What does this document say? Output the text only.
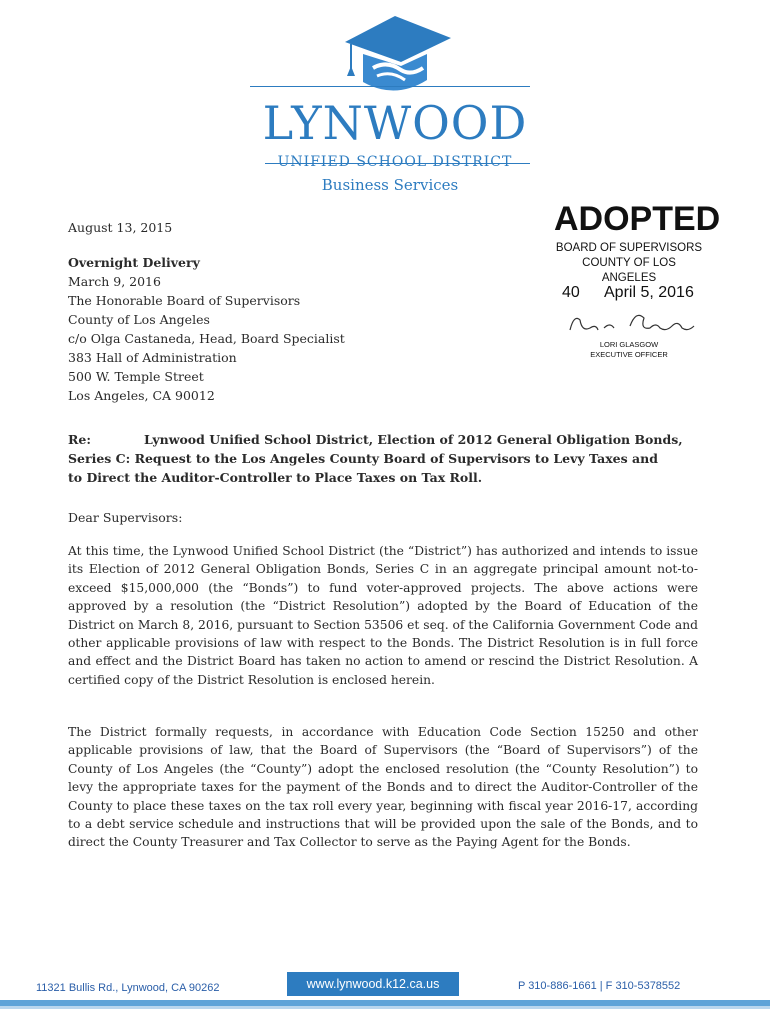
LYNWOOD
UNIFIED SCHOOL DISTRICT
Business Services
ADOPTED
BOARD OF SUPERVISORS
COUNTY OF LOS ANGELES
40 April 5, 2016
LORI GLASGOW
EXECUTIVE OFFICER
August 13, 2015
Overnight Delivery
March 9, 2016
The Honorable Board of Supervisors
County of Los Angeles
c/o Olga Castaneda, Head, Board Specialist
383 Hall of Administration
500 W. Temple Street
Los Angeles, CA 90012
Re:	Lynwood Unified School District, Election of 2012 General Obligation Bonds,
Series C: Request to the Los Angeles County Board of Supervisors to Levy Taxes and
to Direct the Auditor-Controller to Place Taxes on Tax Roll.
Dear Supervisors:
At this time, the Lynwood Unified School District (the “District”) has authorized and intends to issue its Election of 2012 General Obligation Bonds, Series C in an aggregate principal amount not-to-exceed $15,000,000 (the “Bonds”) to fund voter-approved projects. The above actions were approved by a resolution (the “District Resolution”) adopted by the Board of Education of the District on March 8, 2016, pursuant to Section 53506 et seq. of the California Government Code and other applicable provisions of law with respect to the Bonds. The District Resolution is in full force and effect and the District Board has taken no action to amend or rescind the District Resolution. A certified copy of the District Resolution is enclosed herein.
The District formally requests, in accordance with Education Code Section 15250 and other applicable provisions of law, that the Board of Supervisors (the “Board of Supervisors”) of the County of Los Angeles (the “County”) adopt the enclosed resolution (the “County Resolution”) to levy the appropriate taxes for the payment of the Bonds and to direct the Auditor-Controller of the County to place these taxes on the tax roll every year, beginning with fiscal year 2016-17, according to a debt service schedule and instructions that will be provided upon the sale of the Bonds, and to direct the County Treasurer and Tax Collector to serve as the Paying Agent for the Bonds.
11321 Bullis Rd., Lynwood, CA 90262	www.lynwood.k12.ca.us	P 310-886-1661 | F 310-5378552
